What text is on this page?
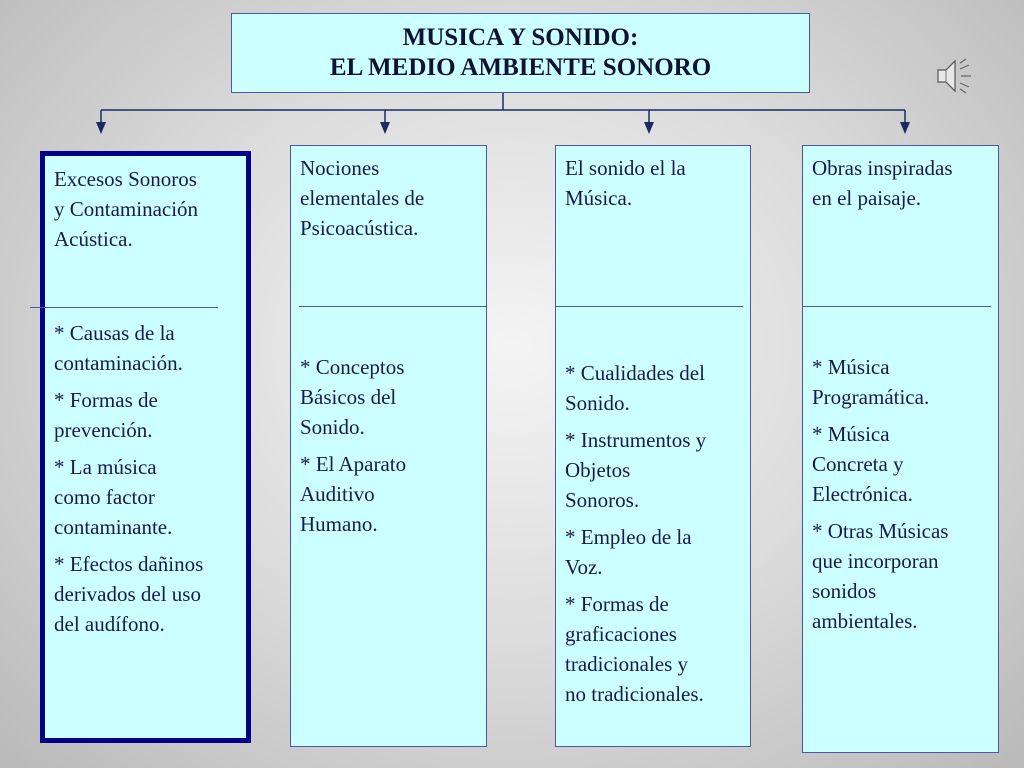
MUSICA Y SONIDO:
EL MEDIO AMBIENTE SONORO
Excesos Sonoros
y Contaminación
Acústica.
* Causas de la
contaminación.
* Formas de
prevención.
* La música
como factor
contaminante.
* Efectos dañinos
derivados del uso
del audífono.
Nociones
elementales de
Psicoacústica.
* Conceptos
Básicos del
Sonido.
* El Aparato
Auditivo
Humano.
El sonido el la
Música.
* Cualidades del
Sonido.
* Instrumentos y
Objetos
Sonoros.
* Empleo de la
Voz.
* Formas de
graficaciones
tradicionales y
no tradicionales.
Obras inspiradas
en el paisaje.
* Música
Programática.
* Música
Concreta y
Electrónica.
* Otras Músicas
que incorporan
sonidos
ambientales.
